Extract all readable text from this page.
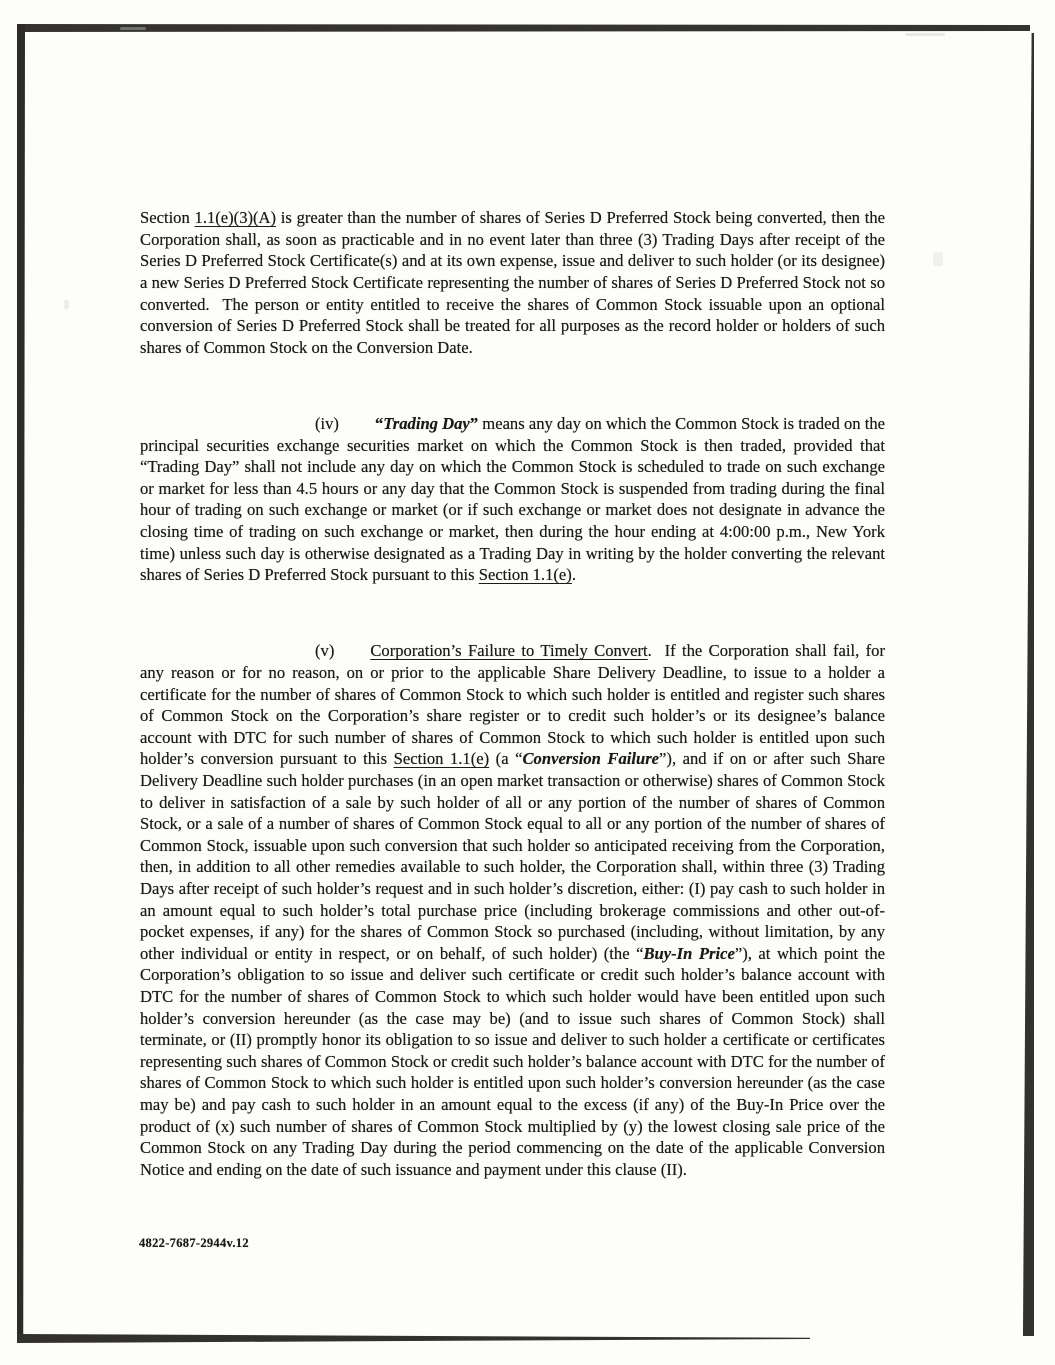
Section 1.1(e)(3)(A) is greater than the number of shares of Series D Preferred Stock being converted, then the Corporation shall, as soon as practicable and in no event later than three (3) Trading Days after receipt of the Series D Preferred Stock Certificate(s) and at its own expense, issue and deliver to such holder (or its designee) a new Series D Preferred Stock Certificate representing the number of shares of Series D Preferred Stock not so converted.  The person or entity entitled to receive the shares of Common Stock issuable upon an optional conversion of Series D Preferred Stock shall be treated for all purposes as the record holder or holders of such shares of Common Stock on the Conversion Date.

(iv) “Trading Day” means any day on which the Common Stock is traded on the principal securities exchange securities market on which the Common Stock is then traded, provided that “Trading Day” shall not include any day on which the Common Stock is scheduled to trade on such exchange or market for less than 4.5 hours or any day that the Common Stock is suspended from trading during the final hour of trading on such exchange or market (or if such exchange or market does not designate in advance the closing time of trading on such exchange or market, then during the hour ending at 4:00:00 p.m., New York time) unless such day is otherwise designated as a Trading Day in writing by the holder converting the relevant shares of Series D Preferred Stock pursuant to this Section 1.1(e).

(v) Corporation’s Failure to Timely Convert.  If the Corporation shall fail, for any reason or for no reason, on or prior to the applicable Share Delivery Deadline, to issue to a holder a certificate for the number of shares of Common Stock to which such holder is entitled and register such shares of Common Stock on the Corporation’s share register or to credit such holder’s or its designee’s balance account with DTC for such number of shares of Common Stock to which such holder is entitled upon such holder’s conversion pursuant to this Section 1.1(e) (a “Conversion Failure”), and if on or after such Share Delivery Deadline such holder purchases (in an open market transaction or otherwise) shares of Common Stock to deliver in satisfaction of a sale by such holder of all or any portion of the number of shares of Common Stock, or a sale of a number of shares of Common Stock equal to all or any portion of the number of shares of Common Stock, issuable upon such conversion that such holder so anticipated receiving from the Corporation, then, in addition to all other remedies available to such holder, the Corporation shall, within three (3) Trading Days after receipt of such holder’s request and in such holder’s discretion, either: (I) pay cash to such holder in an amount equal to such holder’s total purchase price (including brokerage commissions and other out-of-pocket expenses, if any) for the shares of Common Stock so purchased (including, without limitation, by any other individual or entity in respect, or on behalf, of such holder) (the “Buy-In Price”), at which point the Corporation’s obligation to so issue and deliver such certificate or credit such holder’s balance account with DTC for the number of shares of Common Stock to which such holder would have been entitled upon such holder’s conversion hereunder (as the case may be) (and to issue such shares of Common Stock) shall terminate, or (II) promptly honor its obligation to so issue and deliver to such holder a certificate or certificates representing such shares of Common Stock or credit such holder’s balance account with DTC for the number of shares of Common Stock to which such holder is entitled upon such holder’s conversion hereunder (as the case may be) and pay cash to such holder in an amount equal to the excess (if any) of the Buy-In Price over the product of (x) such number of shares of Common Stock multiplied by (y) the lowest closing sale price of the Common Stock on any Trading Day during the period commencing on the date of the applicable Conversion Notice and ending on the date of such issuance and payment under this clause (II).

4822-7687-2944v.12
